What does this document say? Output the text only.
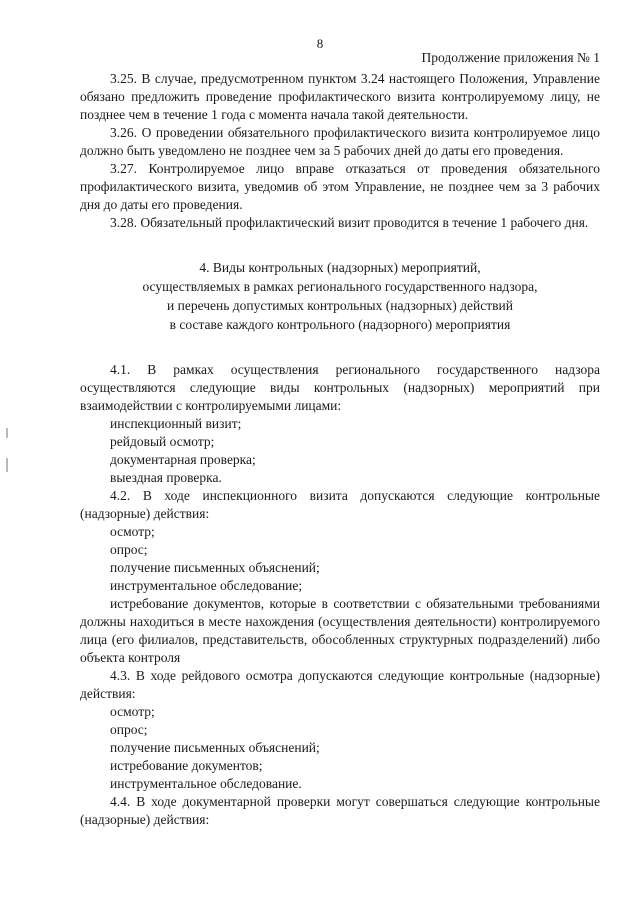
8
Продолжение приложения № 1

3.25. В случае, предусмотренном пунктом 3.24 настоящего Положения, Управление обязано предложить проведение профилактического визита контролируемому лицу, не позднее чем в течение 1 года с момента начала такой деятельности.

3.26. О проведении обязательного профилактического визита контролируемое лицо должно быть уведомлено не позднее чем за 5 рабочих дней до даты его проведения.

3.27. Контролируемое лицо вправе отказаться от проведения обязательного профилактического визита, уведомив об этом Управление, не позднее чем за 3 рабочих дня до даты его проведения.

3.28. Обязательный профилактический визит проводится в течение 1 рабочего дня.

4. Виды контрольных (надзорных) мероприятий,
осуществляемых в рамках регионального государственного надзора,
и перечень допустимых контрольных (надзорных) действий
в составе каждого контрольного (надзорного) мероприятия

4.1. В рамках осуществления регионального государственного надзора осуществляются следующие виды контрольных (надзорных) мероприятий при взаимодействии с контролируемыми лицами:

инспекционный визит;

рейдовый осмотр;

документарная проверка;

выездная проверка.

4.2. В ходе инспекционного визита допускаются следующие контрольные (надзорные) действия:

осмотр;

опрос;

получение письменных объяснений;

инструментальное обследование;

истребование документов, которые в соответствии с обязательными требованиями должны находиться в месте нахождения (осуществления деятельности) контролируемого лица (его филиалов, представительств, обособленных структурных подразделений) либо объекта контроля

4.3. В ходе рейдового осмотра допускаются следующие контрольные (надзорные) действия:

осмотр;

опрос;

получение письменных объяснений;

истребование документов;

инструментальное обследование.

4.4. В ходе документарной проверки могут совершаться следующие контрольные (надзорные) действия:
